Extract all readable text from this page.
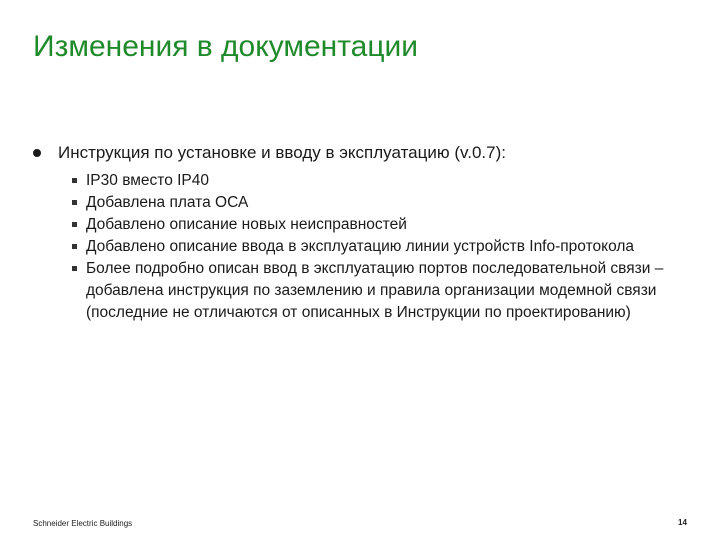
Изменения в документации
Инструкция по установке и вводу в эксплуатацию (v.0.7):
IP30 вместо IP40
Добавлена плата ОСА
Добавлено описание новых неисправностей
Добавлено описание ввода в эксплуатацию линии устройств Info-протокола
Более подробно описан ввод в эксплуатацию портов последовательной связи – добавлена инструкция по заземлению и правила организации модемной связи (последние не отличаются от описанных в Инструкции по проектированию)
Schneider Electric Buildings	14
